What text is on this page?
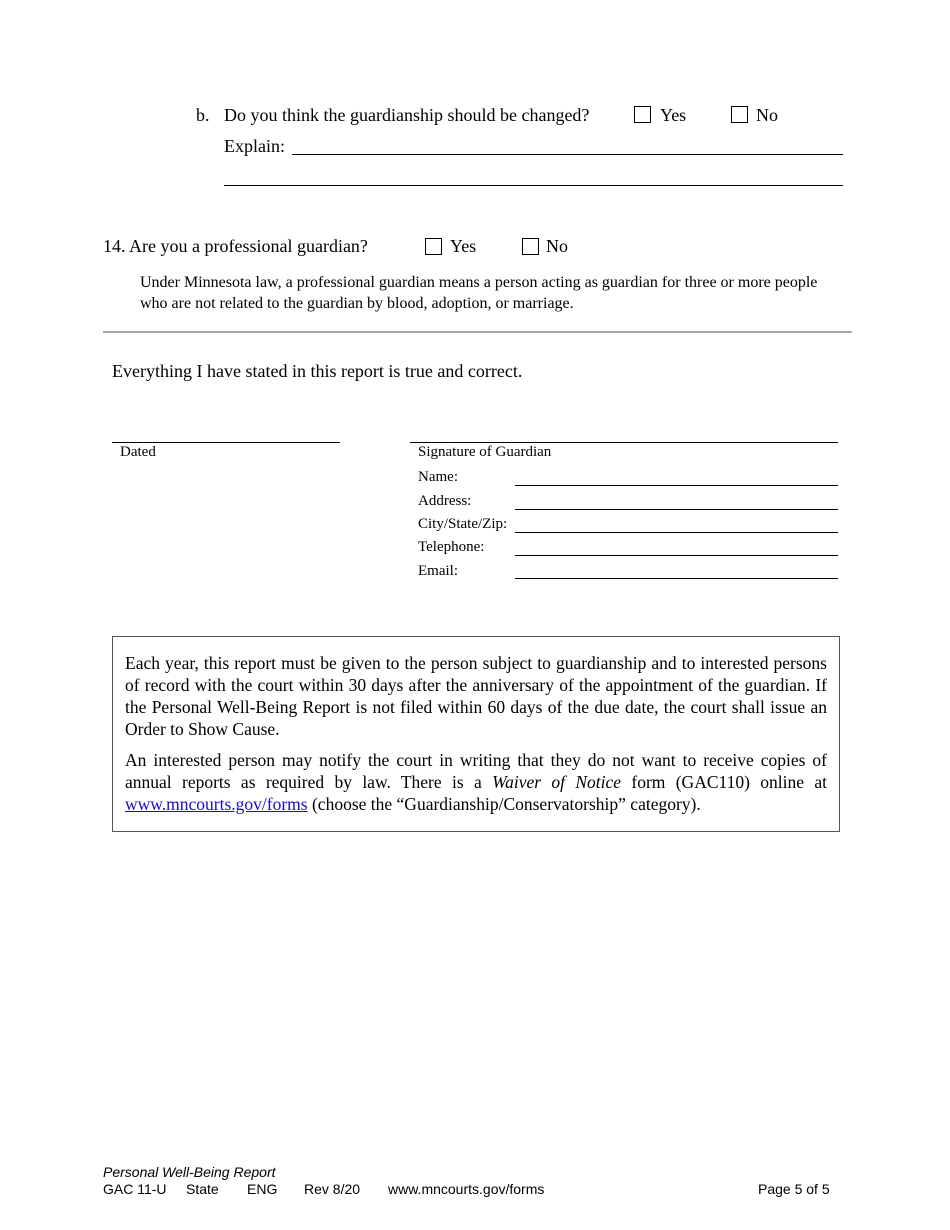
b. Do you think the guardianship should be changed?	Yes	No
Explain:
14. Are you a professional guardian?	Yes	No
Under Minnesota law, a professional guardian means a person acting as guardian for three or more people who are not related to the guardian by blood, adoption, or marriage.
Everything I have stated in this report is true and correct.
Dated	Signature of Guardian
Name:
Address:
City/State/Zip:
Telephone:
Email:

Each year, this report must be given to the person subject to guardianship and to interested persons of record with the court within 30 days after the anniversary of the appointment of the guardian. If the Personal Well-Being Report is not filed within 60 days of the due date, the court shall issue an Order to Show Cause.

An interested person may notify the court in writing that they do not want to receive copies of annual reports as required by law. There is a Waiver of Notice form (GAC110) online at www.mncourts.gov/forms (choose the “Guardianship/Conservatorship” category).

Personal Well-Being Report
GAC 11-U State ENG Rev 8/20 www.mncourts.gov/forms	Page 5 of 5
